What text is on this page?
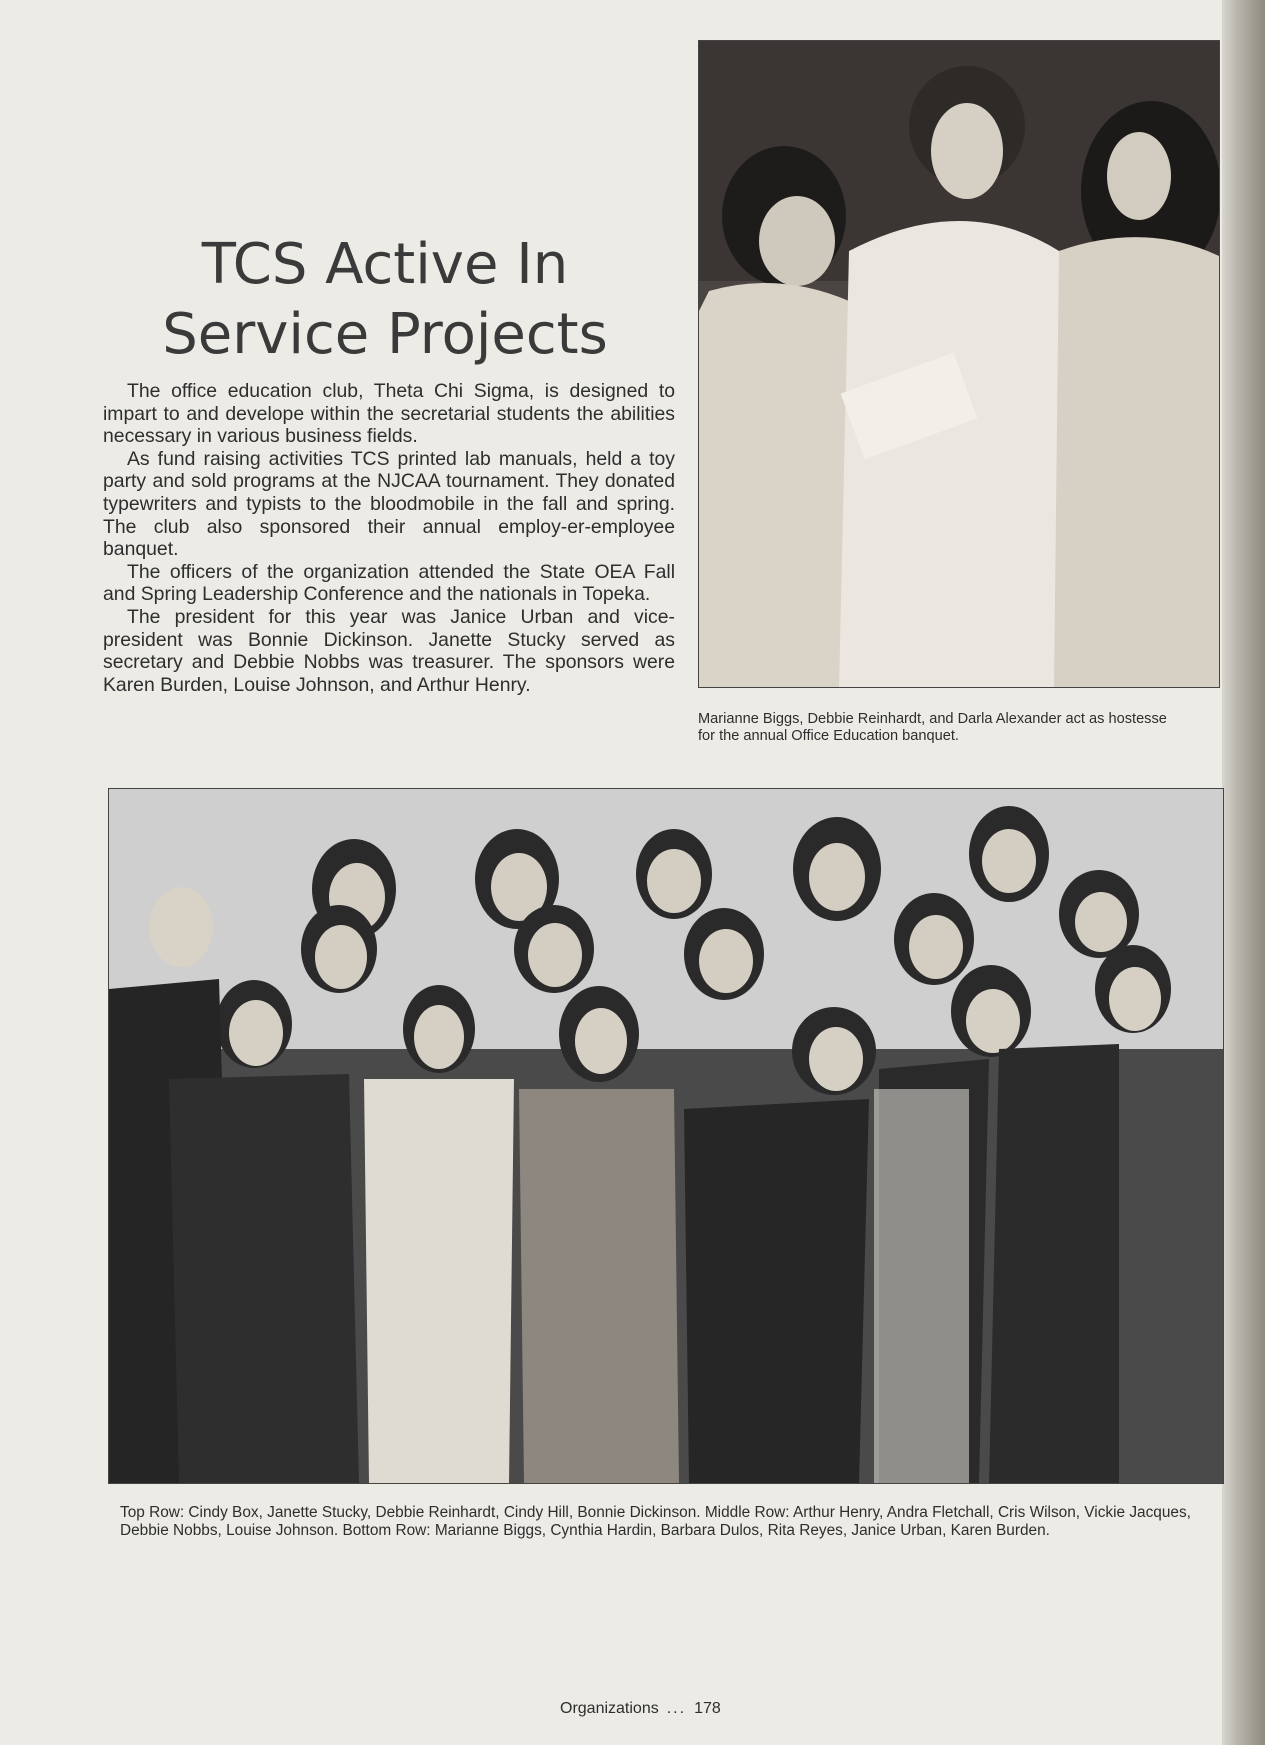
TCS Active In
Service Projects

The office education club, Theta Chi Sigma, is designed to impart to and develope within the secretarial students the abilities necessary in various business fields.

As fund raising activities TCS printed lab manuals, held a toy party and sold programs at the NJCAA tournament. They donated typewriters and typists to the bloodmobile in the fall and spring. The club also sponsored their annual employ-er-employee banquet.

The officers of the organization attended the State OEA Fall and Spring Leadership Conference and the nationals in Topeka.

The president for this year was Janice Urban and vice-president was Bonnie Dickinson. Janette Stucky served as secretary and Debbie Nobbs was treasurer. The sponsors were Karen Burden, Louise Johnson, and Arthur Henry.

Marianne Biggs, Debbie Reinhardt, and Darla Alexander act as hostesse
for the annual Office Education banquet.
Top Row: Cindy Box, Janette Stucky, Debbie Reinhardt, Cindy Hill, Bonnie Dickinson. Middle Row: Arthur Henry, Andra Fletchall, Cris Wilson, Vickie Jacques, Debbie Nobbs, Louise Johnson. Bottom Row: Marianne Biggs, Cynthia Hardin, Barbara Dulos, Rita Reyes, Janice Urban, Karen Burden.
Organizations ... 178
